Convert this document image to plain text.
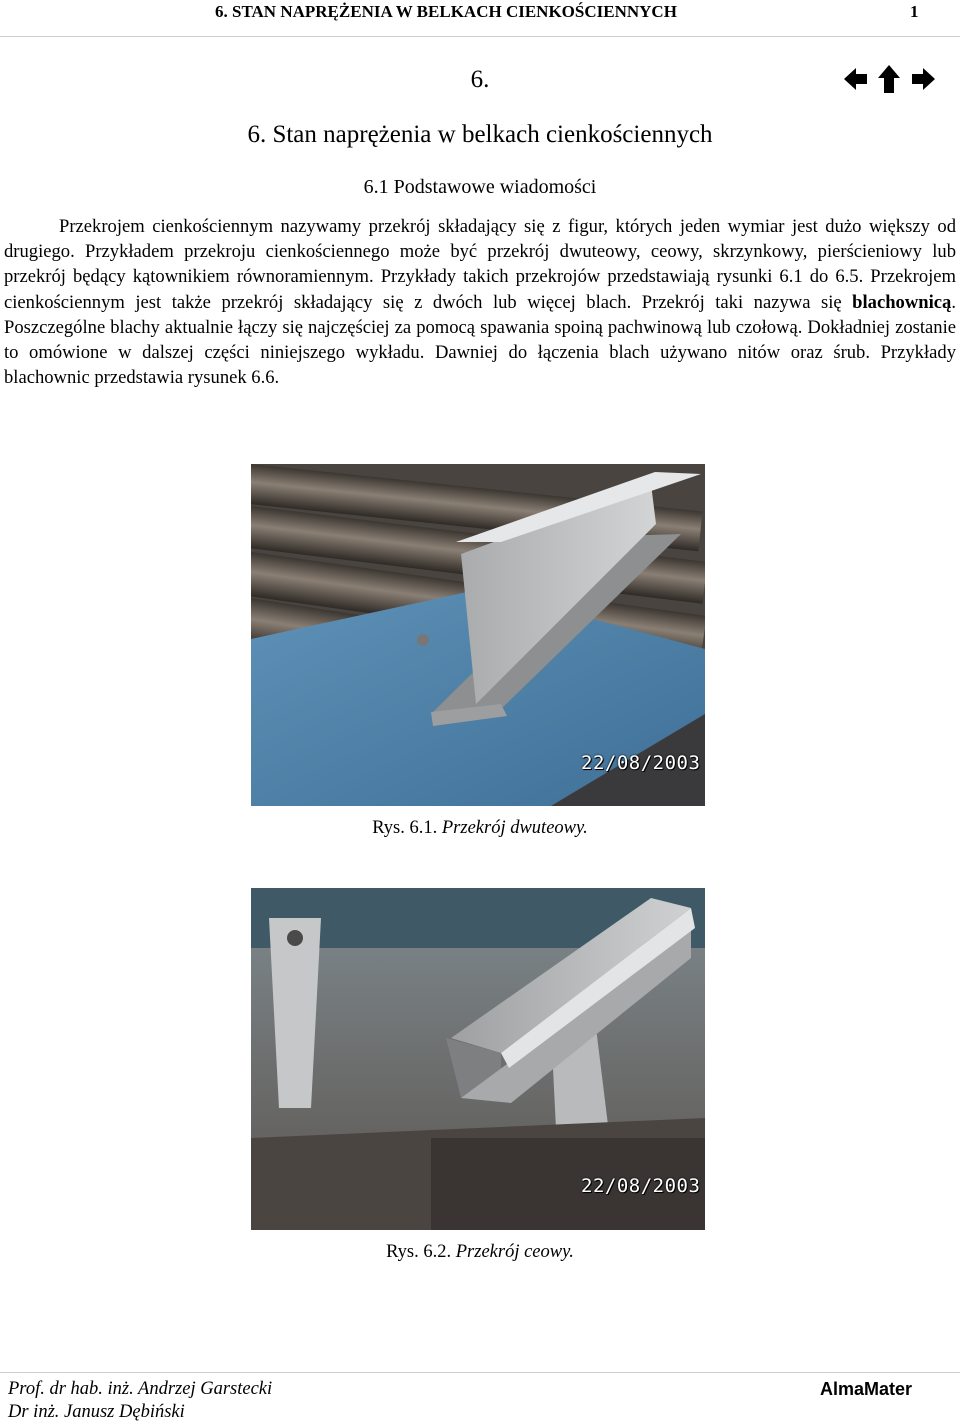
6. STAN NAPRĘŻENIA W BELKACH CIENKOŚCIENNYCH	1
6.
6. Stan naprężenia w belkach cienkościennych
6.1 Podstawowe wiadomości
Przekrojem cienkościennym nazywamy przekrój składający się z figur, których jeden wymiar jest dużo większy od drugiego. Przykładem przekroju cienkościennego może być przekrój dwuteowy, ceowy, skrzynkowy, pierścieniowy lub przekrój będący kątownikiem równoramiennym. Przykłady takich przekrojów przedstawiają rysunki 6.1 do 6.5. Przekrojem cienkościennym jest także przekrój składający się z dwóch lub więcej blach. Przekrój taki nazywa się blachownicą. Poszczególne blachy aktualnie łączy się najczęściej za pomocą spawania spoiną pachwinową lub czołową. Dokładniej zostanie to omówione w dalszej części niniejszego wykładu. Dawniej do łączenia blach używano nitów oraz śrub. Przykłady blachownic przedstawia rysunek 6.6.
22/08/2003
Rys. 6.1. Przekrój dwuteowy.
22/08/2003
Rys. 6.2. Przekrój ceowy.
Prof. dr hab. inż. Andrzej Garstecki
Dr inż. Janusz Dębiński
AlmaMater
